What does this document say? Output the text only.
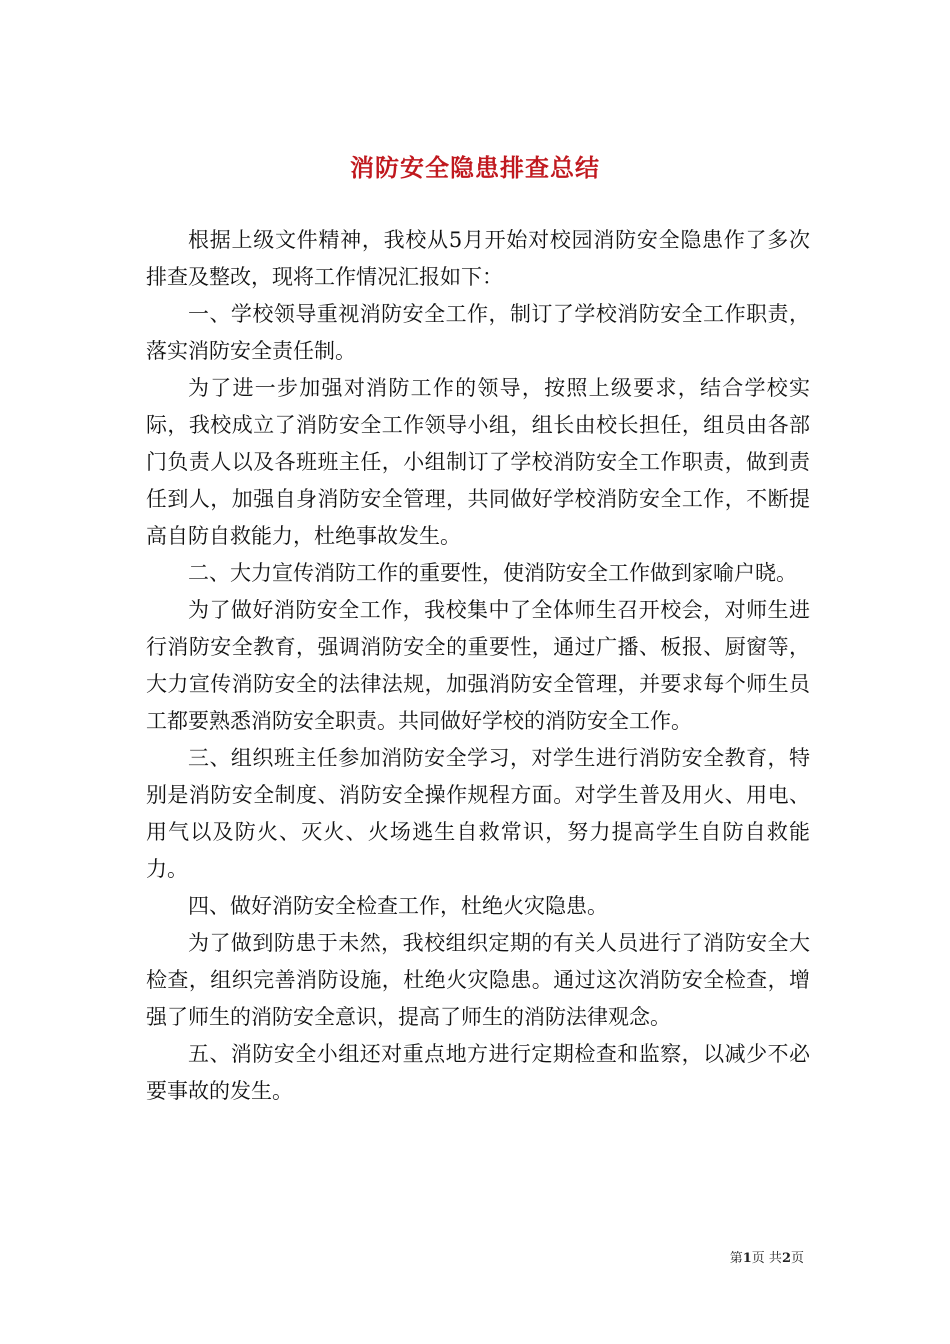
消防安全隐患排查总结

根据上级文件精神，我校从5月开始对校园消防安全隐患作了多次排查及整改，现将工作情况汇报如下：

一、学校领导重视消防安全工作，制订了学校消防安全工作职责，落实消防安全责任制。

为了进一步加强对消防工作的领导，按照上级要求，结合学校实际，我校成立了消防安全工作领导小组，组长由校长担任，组员由各部门负责人以及各班班主任，小组制订了学校消防安全工作职责，做到责任到人，加强自身消防安全管理，共同做好学校消防安全工作，不断提高自防自救能力，杜绝事故发生。

二、大力宣传消防工作的重要性，使消防安全工作做到家喻户晓。

为了做好消防安全工作，我校集中了全体师生召开校会，对师生进行消防安全教育，强调消防安全的重要性，通过广播、板报、厨窗等，大力宣传消防安全的法律法规，加强消防安全管理，并要求每个师生员工都要熟悉消防安全职责。共同做好学校的消防安全工作。

三、组织班主任参加消防安全学习，对学生进行消防安全教育，特别是消防安全制度、消防安全操作规程方面。对学生普及用火、用电、用气以及防火、灭火、火场逃生自救常识，努力提高学生自防自救能力。

四、做好消防安全检查工作，杜绝火灾隐患。

为了做到防患于未然，我校组织定期的有关人员进行了消防安全大检查，组织完善消防设施，杜绝火灾隐患。通过这次消防安全检查，增强了师生的消防安全意识，提高了师生的消防法律观念。

五、消防安全小组还对重点地方进行定期检查和监察，以减少不必要事故的发生。

第1页 共2页
